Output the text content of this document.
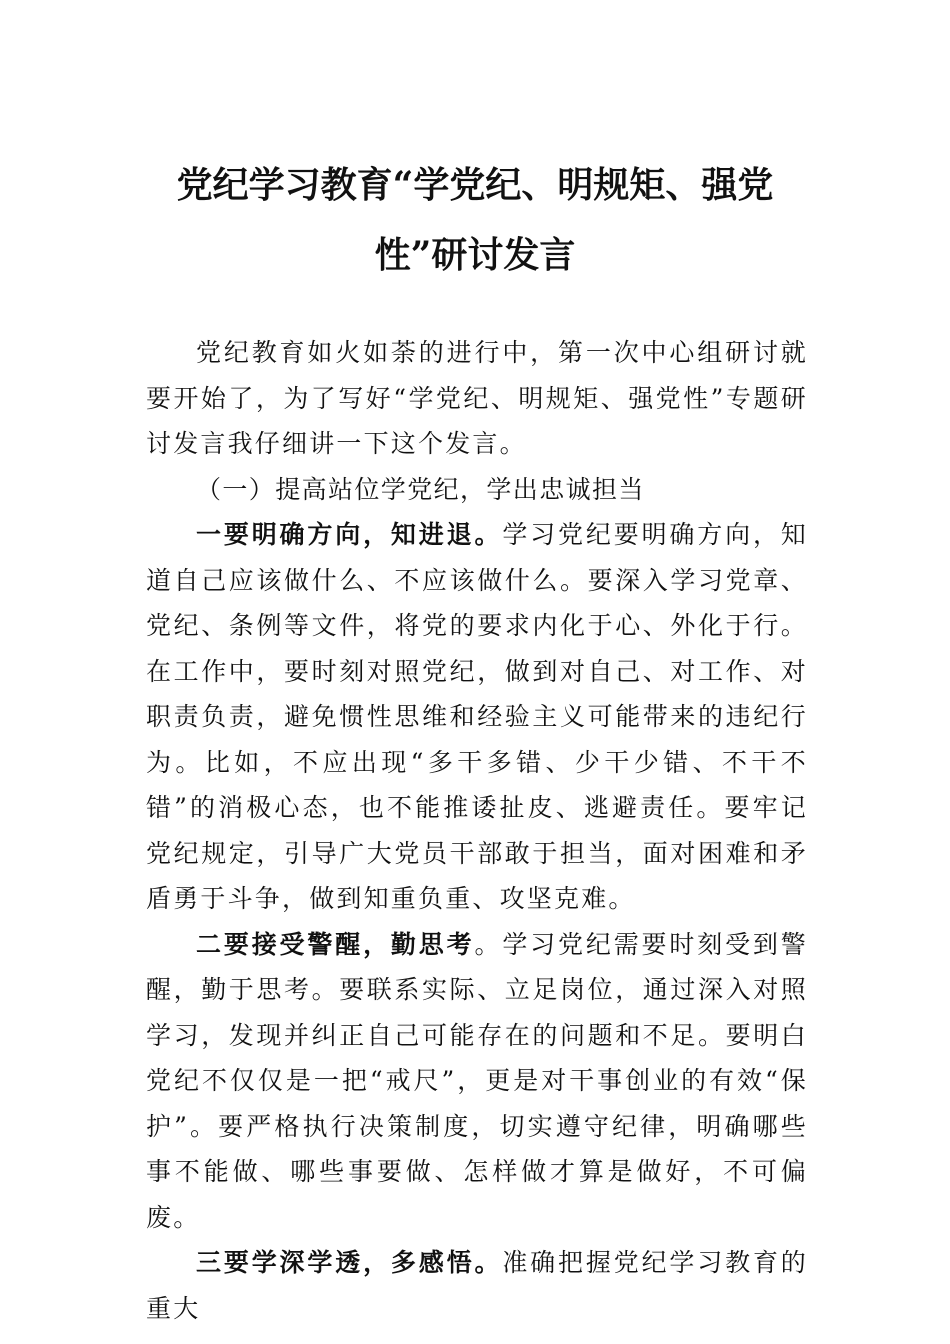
党纪学习教育“学党纪、明规矩、强党
性”研讨发言

党纪教育如火如荼的进行中，第一次中心组研讨就要开始了，为了写好“学党纪、明规矩、强党性”专题研讨发言我仔细讲一下这个发言。

（一）提高站位学党纪，学出忠诚担当

一要明确方向，知进退。学习党纪要明确方向，知道自己应该做什么、不应该做什么。要深入学习党章、党纪、条例等文件，将党的要求内化于心、外化于行。在工作中，要时刻对照党纪，做到对自己、对工作、对职责负责，避免惯性思维和经验主义可能带来的违纪行为。比如，不应出现“多干多错、少干少错、不干不错”的消极心态，也不能推诿扯皮、逃避责任。要牢记党纪规定，引导广大党员干部敢于担当，面对困难和矛盾勇于斗争，做到知重负重、攻坚克难。

二要接受警醒，勤思考。学习党纪需要时刻受到警醒，勤于思考。要联系实际、立足岗位，通过深入对照学习，发现并纠正自己可能存在的问题和不足。要明白党纪不仅仅是一把“戒尺”，更是对干事创业的有效“保护”。要严格执行决策制度，切实遵守纪律，明确哪些事不能做、哪些事要做、怎样做才算是做好，不可偏废。

三要学深学透，多感悟。准确把握党纪学习教育的重大
